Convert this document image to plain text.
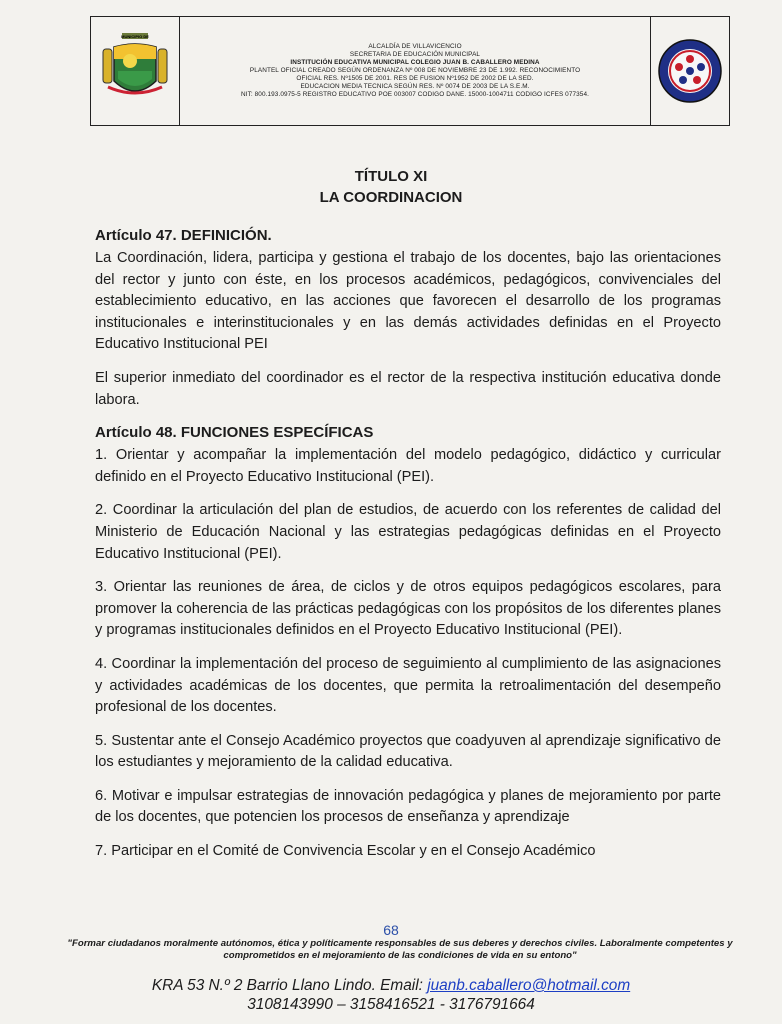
MUNICIPIO DE
ALCALDÍA DE VILLAVICENCIO
SECRETARIA DE EDUCACIÓN MUNICIPAL
INSTITUCIÓN EDUCATIVA MUNICIPAL COLEGIO JUAN B. CABALLERO MEDINA
PLANTEL OFICIAL CREADO SEGÚN ORDENANZA Nº 008 DE NOVIEMBRE 23 DE 1.992. RECONOCIMIENTO
OFICIAL RES. Nº1505 DE 2001. RES DE FUSION Nº1952 DE 2002 DE LA SED.
EDUCACION MEDIA TECNICA SEGÚN RES. Nº 0074 DE 2003 DE LA S.E.M.
NIT: 800.193.0975-5 REGISTRO EDUCATIVO POE 003007 CODIGO DANE. 15000-1004711 CODIGO ICFES 077354.
TÍTULO XI
LA COORDINACION
Artículo 47. DEFINICIÓN.

La Coordinación, lidera, participa y gestiona el trabajo de los docentes, bajo las orientaciones del rector y junto con éste, en los procesos académicos, pedagógicos, convivenciales del establecimiento educativo, en las acciones que favorecen el desarrollo de los programas institucionales e interinstitucionales y en las demás actividades definidas en el Proyecto Educativo Institucional PEI

El superior inmediato del coordinador es el rector de la respectiva institución educativa donde labora.

Artículo 48. FUNCIONES ESPECÍFICAS

1. Orientar y acompañar la implementación del modelo pedagógico, didáctico y curricular definido en el Proyecto Educativo Institucional (PEI).

2. Coordinar la articulación del plan de estudios, de acuerdo con los referentes de calidad del Ministerio de Educación Nacional y las estrategias pedagógicas definidas en el Proyecto Educativo Institucional (PEI).

3. Orientar las reuniones de área, de ciclos y de otros equipos pedagógicos escolares, para promover la coherencia de las prácticas pedagógicas con los propósitos de los diferentes planes y programas institucionales definidos en el Proyecto Educativo Institucional (PEI).

4. Coordinar la implementación del proceso de seguimiento al cumplimiento de las asignaciones y actividades académicas de los docentes, que permita la retroalimentación del desempeño profesional de los docentes.

5. Sustentar ante el Consejo Académico proyectos que coadyuven al aprendizaje significativo de los estudiantes y mejoramiento de la calidad educativa.

6. Motivar e impulsar estrategias de innovación pedagógica y planes de mejoramiento por parte de los docentes, que potencien los procesos de enseñanza y aprendizaje

7. Participar en el Comité de Convivencia Escolar y en el Consejo Académico

68
"Formar ciudadanos moralmente autónomos, ética y políticamente responsables de sus deberes y derechos civiles. Laboralmente competentes y comprometidos en el mejoramiento de las condiciones de vida en su entono"
KRA 53 N.º 2 Barrio Llano Lindo. Email: juanb.caballero@hotmail.com
3108143990 – 3158416521 - 3176791664
